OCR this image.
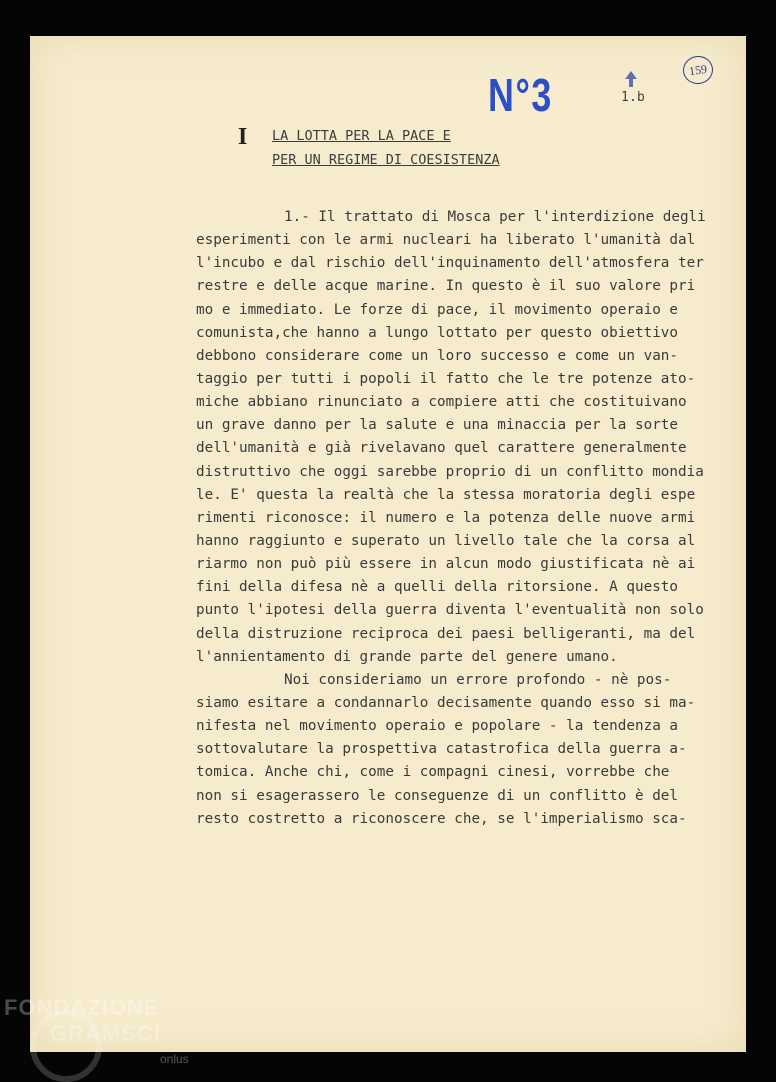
N°3	1.b
159
I LA LOTTA PER LA PACE E
PER UN REGIME DI COESISTENZA
1.- Il trattato di Mosca per l'interdizione degli
esperimenti con le armi nucleari ha liberato l'umanità dal
l'incubo e dal rischio dell'inquinamento dell'atmosfera ter
restre e delle acque marine. In questo è il suo valore pri
mo e immediato. Le forze di pace, il movimento operaio e
comunista,che hanno a lungo lottato per questo obiettivo
debbono considerare come un loro successo e come un van-
taggio per tutti i popoli il fatto che le tre potenze ato-
miche abbiano rinunciato a compiere atti che costituivano
un grave danno per la salute e una minaccia per la sorte
dell'umanità e già rivelavano quel carattere generalmente
distruttivo che oggi sarebbe proprio di un conflitto mondia
le. E' questa la realtà che la stessa moratoria degli espe
rimenti riconosce: il numero e la potenza delle nuove armi
hanno raggiunto e superato un livello tale che la corsa al
riarmo non può più essere in alcun modo giustificata nè ai
fini della difesa nè a quelli della ritorsione. A questo
punto l'ipotesi della guerra diventa l'eventualità non solo
della distruzione reciproca dei paesi belligeranti, ma del
l'annientamento di grande parte del genere umano.
Noi consideriamo un errore profondo - nè pos-
siamo esitare a condannarlo decisamente quando esso si ma-
nifesta nel movimento operaio e popolare - la tendenza a
sottovalutare la prospettiva catastrofica della guerra a-
tomica. Anche chi, come i compagni cinesi, vorrebbe che
non si esagerassero le conseguenze di un conflitto è del
resto costretto a riconoscere che, se l'imperialismo sca-
FONDAZIONE
GRAMSCI
onlus
